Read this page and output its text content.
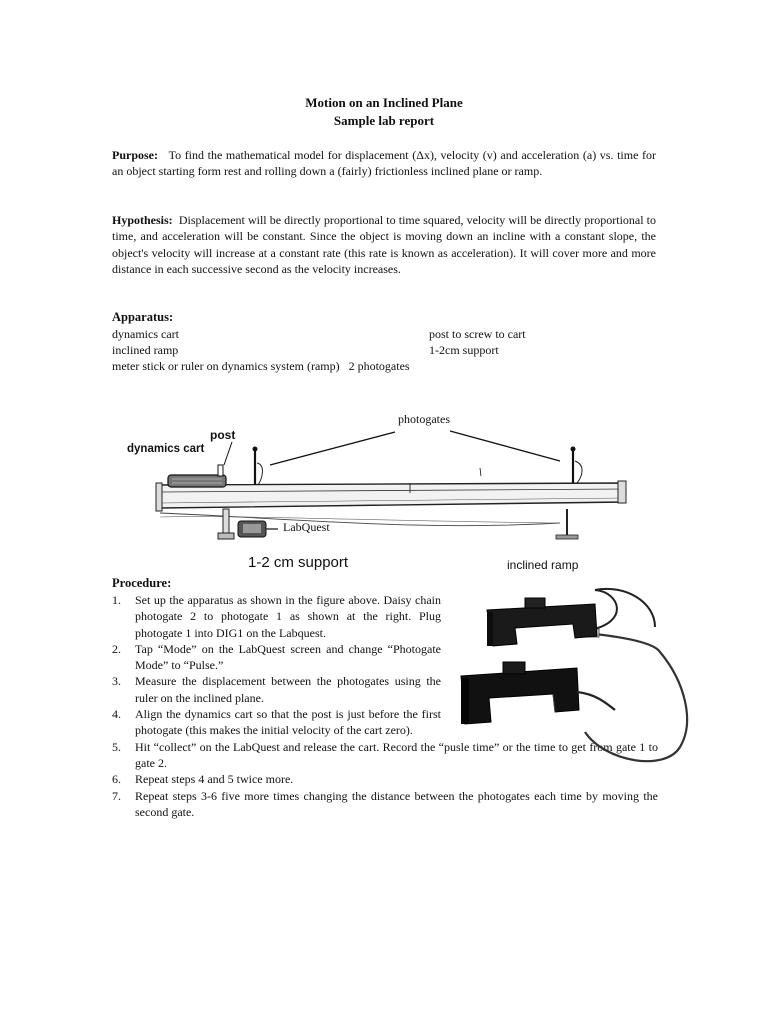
Motion on an Inclined Plane
Sample lab report
Purpose: To find the mathematical model for displacement (Δx), velocity (v) and acceleration (a) vs. time for an object starting form rest and rolling down a (fairly) frictionless inclined plane or ramp.
Hypothesis: Displacement will be directly proportional to time squared, velocity will be directly proportional to time, and acceleration will be constant. Since the object is moving down an incline with a constant slope, the object's velocity will increase at a constant rate (this rate is known as acceleration). It will cover more and more distance in each successive second as the velocity increases.
Apparatus:
dynamics cart
inclined ramp
meter stick or ruler on dynamics system (ramp)   2 photogates
post to screw to cart
1-2cm support
photogates
post
dynamics cart
LabQuest
1-2 cm support	inclined ramp
Procedure:
1. Set up the apparatus as shown in the figure above. Daisy chain photogate 2 to photogate 1 as shown at the right. Plug photogate 1 into DIG1 on the Labquest.
2. Tap “Mode” on the LabQuest screen and change “Photogate Mode” to “Pulse.”
3. Measure the displacement between the photogates using the ruler on the inclined plane.
4. Align the dynamics cart so that the post is just before the first photogate (this makes the initial velocity of the cart zero).
5. Hit “collect” on the LabQuest and release the cart. Record the “pusle time” or the time to get from gate 1 to gate 2.
6. Repeat steps 4 and 5 twice more.
7. Repeat steps 3-6 five more times changing the distance between the photogates each time by moving the second gate.
